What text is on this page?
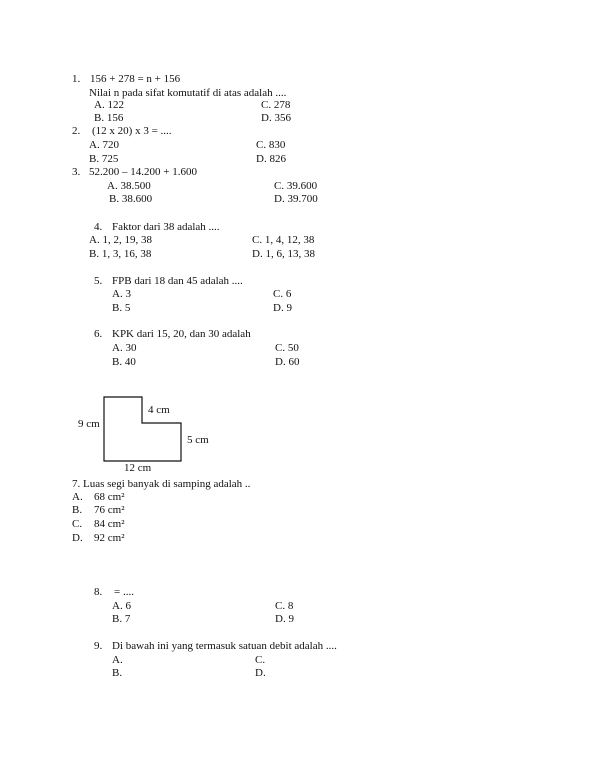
1. 156 + 278 = n + 156
Nilai n pada sifat komutatif di atas adalah ....
A. 122	C. 278
B. 156	D. 356
2. (12 x 20) x 3 = ....
A. 720	C. 830
B. 725	D. 826
3. 52.200 – 14.200 + 1.600
A. 38.500	C. 39.600
B. 38.600	D. 39.700
4. Faktor dari 38 adalah ....
A. 1, 2, 19, 38	C. 1, 4, 12, 38
B. 1, 3, 16, 38	D. 1, 6, 13, 38
5. FPB dari 18 dan 45 adalah ....
A. 3	C. 6
B. 5	D. 9
6. KPK dari 15, 20, dan 30 adalah
A. 30	C. 50
B. 40	D. 60
9 cm
4 cm
5 cm
12 cm
7. Luas segi banyak di samping adalah ..
A. 68 cm²
B. 76 cm²
C. 84 cm²
D. 92 cm²
8. = ....
A. 6	C. 8
B. 7	D. 9
9. Di bawah ini yang termasuk satuan debit adalah ....
A.	C.
B.	D.
